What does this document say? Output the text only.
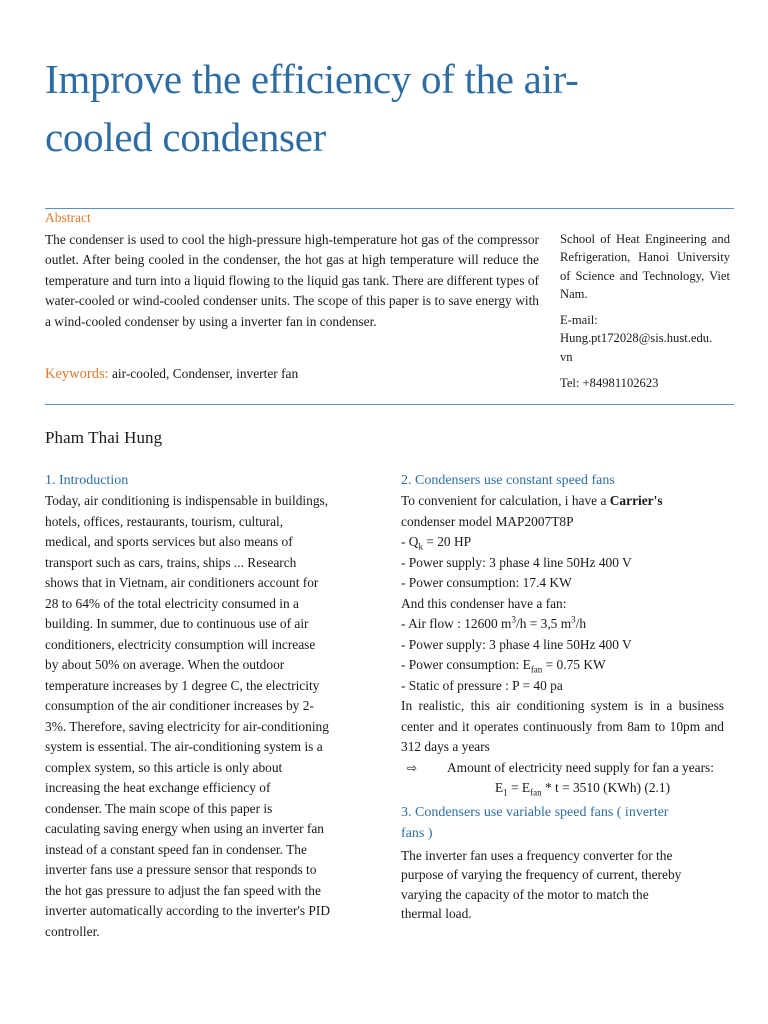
Improve the efficiency of the air-
cooled condenser
Abstract
The condenser is used to cool the high-pressure high-temperature hot gas of the compressor outlet. After being cooled in the condenser, the hot gas at high temperature will reduce the temperature and turn into a liquid flowing to the liquid gas tank. There are different types of water-cooled or wind-cooled condenser units. The scope of this paper is to save energy with a wind-cooled condenser by using a inverter fan in condenser.
Keywords: air-cooled, Condenser, inverter fan
School of Heat Engineering and Refrigeration, Hanoi University of Science and Technology, Viet Nam.
E-mail:
Hung.pt172028@sis.hust.edu.
vn
Tel: +84981102623
Pham Thai Hung
1. Introduction
Today, air conditioning is indispensable in buildings,
hotels, offices, restaurants, tourism, cultural,
medical, and sports services but also means of
transport such as cars, trains, ships ... Research
shows that in Vietnam, air conditioners account for
28 to 64% of the total electricity consumed in a
building. In summer, due to continuous use of air
conditioners, electricity consumption will increase
by about 50% on average. When the outdoor
temperature increases by 1 degree C, the electricity
consumption of the air conditioner increases by 2-
3%. Therefore, saving electricity for air-conditioning
system is essential. The air-conditioning system is a
complex system, so this article is only about
increasing the heat exchange efficiency of
condenser. The main scope of this paper is
caculating saving energy when using an inverter fan
instead of a constant speed fan in condenser. The
inverter fans use a pressure sensor that responds to
the hot gas pressure to adjust the fan speed with the
inverter automatically according to the inverter's PID
controller.
2. Condensers use constant speed fans
To convenient for calculation, i have a Carrier's
condenser model MAP2007T8P
- $Q_k = 20$ HP
- Power supply: 3 phase 4 line 50Hz 400 V
- Power consumption: 17.4 KW
And this condenser have a fan:
- Air flow : 12600 $m^3/h = 3,5$ $m^3/h$
- Power supply: 3 phase 4 line 50Hz 400 V
- Power consumption: $E_{fan} = 0.75$ KW
- Static of pressure : P = 40 pa
In realistic, this air conditioning system is in a business center and it operates continuously from 8am to 10pm and 312 days a years
⇨	Amount of electricity need supply for fan a years:
$E_1 = E_{fan} * t = 3510$ (KWh) (2.1)
3. Condensers use variable speed fans ( inverter
fans )
The inverter fan uses a frequency converter for the
purpose of varying the frequency of current, thereby
varying the capacity of the motor to match the
thermal load.
